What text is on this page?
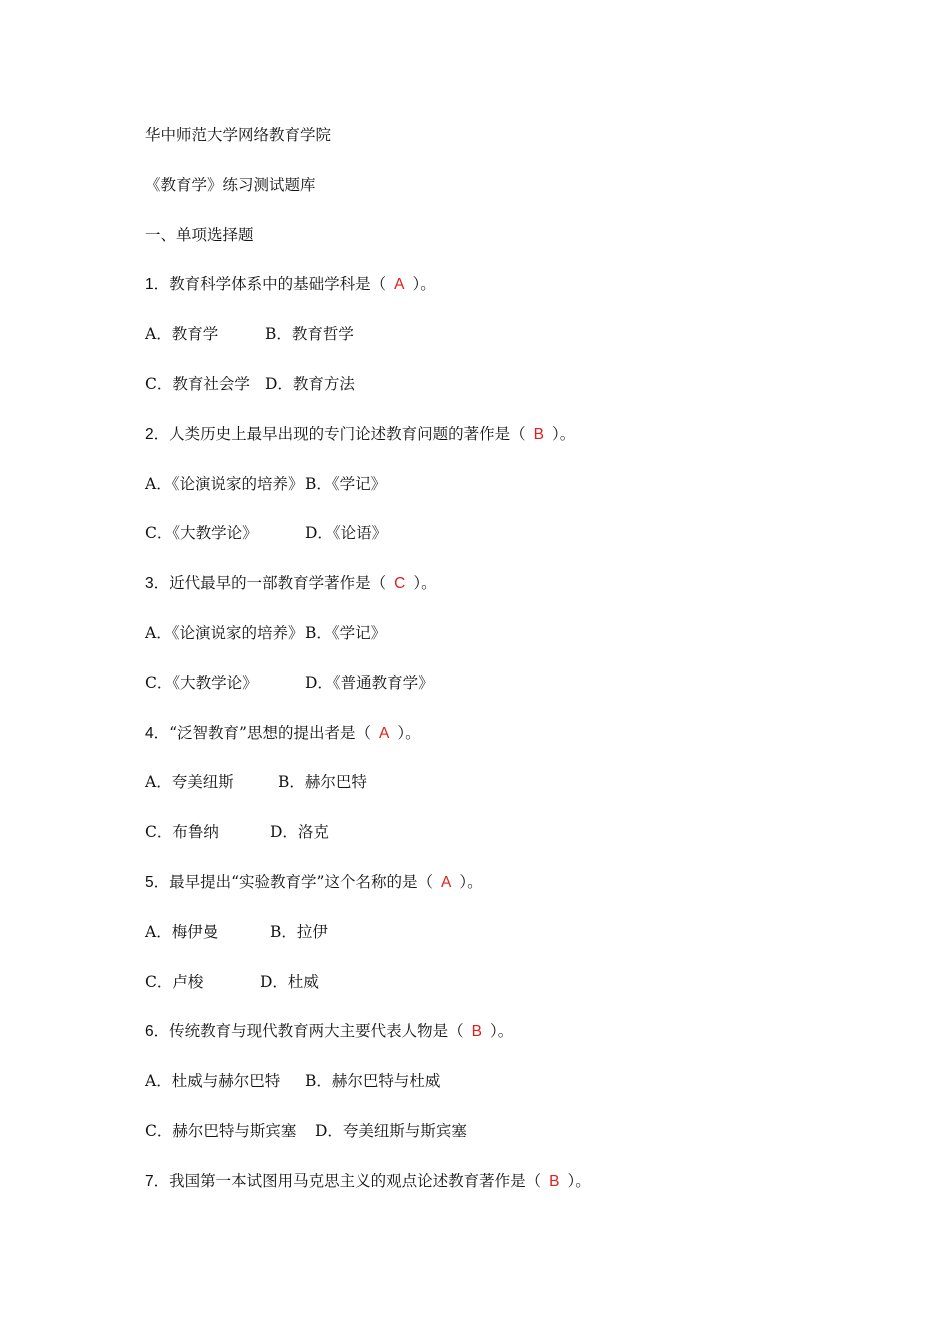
华中师范大学网络教育学院
《教育学》练习测试题库
一、单项选择题
1．教育科学体系中的基础学科是（ A ）。
A．教育学	B．教育哲学
C．教育社会学 D．教育方法
2．人类历史上最早出现的专门论述教育问题的著作是（ B ）。
A．《论演说家的培养》B．《学记》
C．《大教学论》	D．《论语》
3．近代最早的一部教育学著作是（ C ）。
A．《论演说家的培养》B．《学记》
C．《大教学论》	D．《普通教育学》
4．“泛智教育”思想的提出者是（ A ）。
A．夸美纽斯	B．赫尔巴特
C．布鲁纳	D．洛克
5．最早提出“实验教育学”这个名称的是（ A ）。
A．梅伊曼	B．拉伊
C．卢梭	D．杜威
6．传统教育与现代教育两大主要代表人物是（ B ）。
A．杜威与赫尔巴特 B．赫尔巴特与杜威
C．赫尔巴特与斯宾塞 D．夸美纽斯与斯宾塞
7．我国第一本试图用马克思主义的观点论述教育著作是（ B ）。
